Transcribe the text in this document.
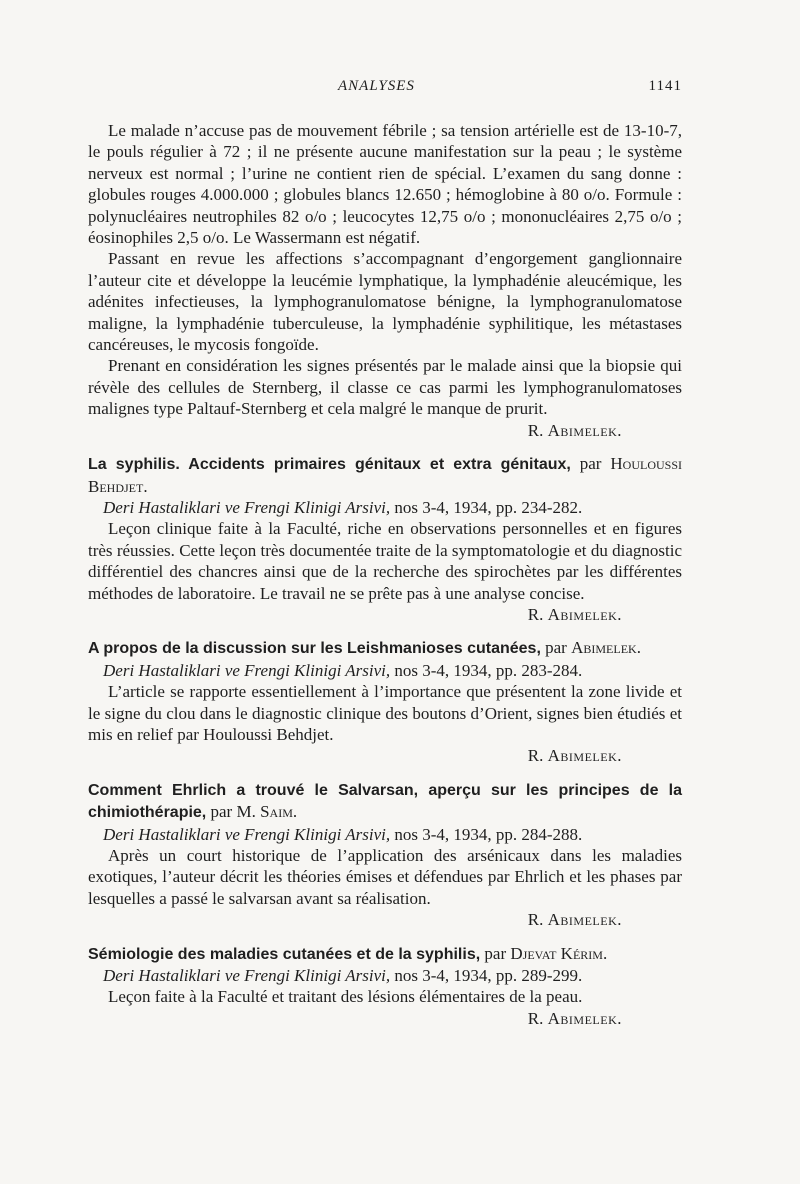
ANALYSES	1141

Le malade n’accuse pas de mouvement fébrile ; sa tension artérielle est de 13-10-7, le pouls régulier à 72 ; il ne présente aucune manifestation sur la peau ; le système nerveux est normal ; l’urine ne contient rien de spécial. L’examen du sang donne : globules rouges 4.000.000 ; globules blancs 12.650 ; hémoglobine à 80 o/o. Formule : polynucléaires neutrophiles 82 o/o ; leucocytes 12,75 o/o ; mononucléaires 2,75 o/o ; éosinophiles 2,5 o/o. Le Wassermann est négatif.

Passant en revue les affections s’accompagnant d’engorgement ganglionnaire l’auteur cite et développe la leucémie lymphatique, la lymphadénie aleucémique, les adénites infectieuses, la lymphogranulomatose bénigne, la lymphogranulomatose maligne, la lymphadénie tuberculeuse, la lymphadénie syphilitique, les métastases cancéreuses, le mycosis fongoïde.

Prenant en considération les signes présentés par le malade ainsi que la biopsie qui révèle des cellules de Sternberg, il classe ce cas parmi les lymphogranulomatoses malignes type Paltauf-Sternberg et cela malgré le manque de prurit.

R. Abimelek.

La syphilis. Accidents primaires génitaux et extra génitaux, par Houloussi Behdjet.
Deri Hastaliklari ve Frengi Klinigi Arsivi, nos 3-4, 1934, pp. 234-282.

Leçon clinique faite à la Faculté, riche en observations personnelles et en figures très réussies. Cette leçon très documentée traite de la symptomatologie et du diagnostic différentiel des chancres ainsi que de la recherche des spirochètes par les différentes méthodes de laboratoire. Le travail ne se prête pas à une analyse concise.

R. Abimelek.

A propos de la discussion sur les Leishmanioses cutanées, par Abimelek.
Deri Hastaliklari ve Frengi Klinigi Arsivi, nos 3-4, 1934, pp. 283-284.

L’article se rapporte essentiellement à l’importance que présentent la zone livide et le signe du clou dans le diagnostic clinique des boutons d’Orient, signes bien étudiés et mis en relief par Houloussi Behdjet.

R. Abimelek.

Comment Ehrlich a trouvé le Salvarsan, aperçu sur les principes de la chimiothérapie, par M. Saim.
Deri Hastaliklari ve Frengi Klinigi Arsivi, nos 3-4, 1934, pp. 284-288.

Après un court historique de l’application des arsénicaux dans les maladies exotiques, l’auteur décrit les théories émises et défendues par Ehrlich et les phases par lesquelles a passé le salvarsan avant sa réalisation.

R. Abimelek.

Sémiologie des maladies cutanées et de la syphilis, par Djevat Kérim.
Deri Hastaliklari ve Frengi Klinigi Arsivi, nos 3-4, 1934, pp. 289-299.

Leçon faite à la Faculté et traitant des lésions élémentaires de la peau.

R. Abimelek.
